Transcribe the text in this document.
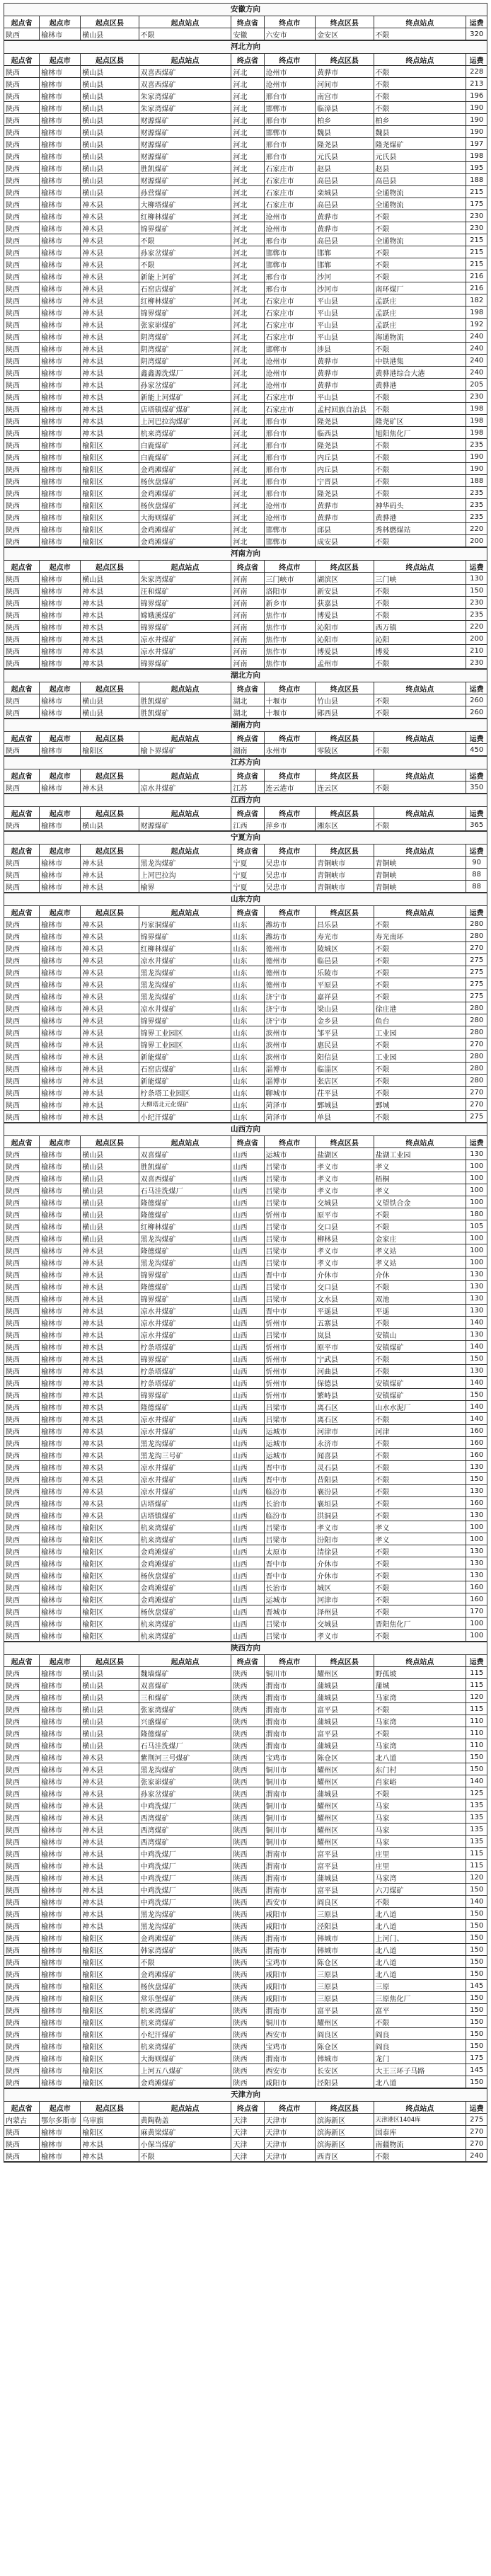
安徽方向
起点省	起点市	起点区县	起点站点	终点省	终点市	终点区县	终点站点	运费
陕西	榆林市	横山县	不限	安徽	六安市	金安区	不限	320
河北方向
起点省	起点市	起点区县	起点站点	终点省	终点市	终点区县	终点站点	运费
陕西	榆林市	横山县	双喜西煤矿	河北	沧州市	黄骅市	不限	228
陕西	榆林市	横山县	双喜西煤矿	河北	沧州市	河间市	不限	213
陕西	榆林市	横山县	朱家湾煤矿	河北	邢台市	南宫市	不限	196
陕西	榆林市	横山县	朱家湾煤矿	河北	邯郸市	临漳县	不限	190
陕西	榆林市	横山县	财源煤矿	河北	邢台市	柏乡	柏乡	190
陕西	榆林市	横山县	财源煤矿	河北	邯郸市	魏县	魏县	190
陕西	榆林市	横山县	财源煤矿	河北	邢台市	隆尧县	隆尧煤矿	197
陕西	榆林市	横山县	财源煤矿	河北	邢台市	元氏县	元氏县	198
陕西	榆林市	横山县	胜凯煤矿	河北	石家庄市	赵县	赵县	195
陕西	榆林市	横山县	财源煤矿	河北	石家庄市	高邑县	高邑县	188
陕西	榆林市	横山县	孙营煤矿	河北	石家庄市	栾城县	全通物流	215
陕西	榆林市	神木县	大柳塔煤矿	河北	石家庄市	高邑县	全通物流	175
陕西	榆林市	神木县	红柳林煤矿	河北	沧州市	黄骅市	不限	230
陕西	榆林市	神木县	锦界煤矿	河北	沧州市	黄骅市	不限	230
陕西	榆林市	神木县	不限	河北	邢台市	高邑县	全通物流	215
陕西	榆林市	神木县	孙家岔煤矿	河北	邯郸市	邯郸	不限	215
陕西	榆林市	神木县	不限	河北	邯郸市	邯郸	不限	215
陕西	榆林市	神木县	新能上河矿	河北	邢台市	沙河	不限	216
陕西	榆林市	神木县	石窑店煤矿	河北	邢台市	沙河市	南环煤厂	216
陕西	榆林市	神木县	红柳林煤矿	河北	石家庄市	平山县	孟跃庄	182
陕西	榆林市	神木县	锦界煤矿	河北	石家庄市	平山县	孟跃庄	198
陕西	榆林市	神木县	张家峁煤矿	河北	石家庄市	平山县	孟跃庄	192
陕西	榆林市	神木县	阴湾煤矿	河北	石家庄市	平山县	海通物流	240
陕西	榆林市	神木县	阴湾煤矿	河北	邯郸市	涉县	不限	240
陕西	榆林市	神木县	阴湾煤矿	河北	沧州市	黄骅市	中铁港集	240
陕西	榆林市	神木县	鑫鑫源洗煤厂	河北	沧州市	黄骅市	黄骅港综合大港	240
陕西	榆林市	神木县	孙家岔煤矿	河北	沧州市	黄骅市	黄骅港	205
陕西	榆林市	神木县	新能上河煤矿	河北	石家庄市	平山县	不限	230
陕西	榆林市	神木县	店塔镇煤矿煤矿	河北	石家庄市	孟村回族自治县	不限	198
陕西	榆林市	神木县	上河巴拉沟煤矿	河北	邢台市	隆尧县	隆尧矿区	198
陕西	榆林市	神木县	杭来湾煤矿	河北	邢台市	临西县	旭阳焦化厂	198
陕西	榆林市	榆阳区	白鹿煤矿	河北	邢台市	隆尧县	不限	235
陕西	榆林市	榆阳区	白鹿煤矿	河北	邢台市	内丘县	不限	190
陕西	榆林市	榆阳区	金鸡滩煤矿	河北	邢台市	内丘县	不限	190
陕西	榆林市	榆阳区	杨伙盘煤矿	河北	邢台市	宁晋县	不限	188
陕西	榆林市	榆阳区	金鸡滩煤矿	河北	邢台市	隆尧县	不限	235
陕西	榆林市	榆阳区	杨伙盘煤矿	河北	沧州市	黄骅市	神华码头	235
陕西	榆林市	榆阳区	大海则煤矿	河北	沧州市	黄骅市	黄骅港	235
陕西	榆林市	榆阳区	金鸡滩煤矿	河北	邯郸市	邱县	秀林燃煤站	220
陕西	榆林市	榆阳区	金鸡滩煤矿	河北	邯郸市	成安县	不限	200
河南方向
起点省	起点市	起点区县	起点站点	终点省	终点市	终点区县	终点站点	运费
陕西	榆林市	横山县	朱家湾煤矿	河南	三门峡市	湖滨区	三门峡	130
陕西	榆林市	神木县	汪和煤矿	河南	洛阳市	新安县	不限	150
陕西	榆林市	神木县	锦界煤矿	河南	新乡市	获嘉县	不限	230
陕西	榆林市	神木县	嫦娥溪煤矿	河南	焦作市	博爱县	不限	235
陕西	榆林市	神木县	锦界煤矿	河南	焦作市	沁阳市	西万镇	220
陕西	榆林市	神木县	凉水井煤矿	河南	焦作市	沁阳市	沁阳	200
陕西	榆林市	神木县	凉水井煤矿	河南	焦作市	博爱县	博爱	210
陕西	榆林市	神木县	锦界煤矿	河南	焦作市	孟州市	不限	230
湖北方向
起点省	起点市	起点区县	起点站点	终点省	终点市	终点区县	终点站点	运费
陕西	榆林市	横山县	胜凯煤矿	湖北	十堰市	竹山县	不限	260
陕西	榆林市	横山县	胜凯煤矿	湖北	十堰市	郧西县	不限	260
湖南方向
起点省	起点市	起点区县	起点站点	终点省	终点市	终点区县	终点站点	运费
陕西	榆林市	榆阳区	榆卜界煤矿	湖南	永州市	零陵区	不限	450
江苏方向
起点省	起点市	起点区县	起点站点	终点省	终点市	终点区县	终点站点	运费
陕西	榆林市	神木县	凉水井煤矿	江苏	连云港市	连云区	不限	350
江西方向
起点省	起点市	起点区县	起点站点	终点省	终点市	终点区县	终点站点	运费
陕西	榆林市	横山县	财源煤矿	江西	萍乡市	湘东区	不限	365
宁夏方向
起点省	起点市	起点区县	起点站点	终点省	终点市	终点区县	终点站点	运费
陕西	榆林市	神木县	黑龙沟煤矿	宁夏	吴忠市	青铜峡市	青铜峡	90
陕西	榆林市	神木县	上河巴拉沟	宁夏	吴忠市	青铜峡市	青铜峡	88
陕西	榆林市	神木县	榆界	宁夏	吴忠市	青铜峡市	青铜峡	88
山东方向
起点省	起点市	起点区县	起点站点	终点省	终点市	终点区县	终点站点	运费
陕西	榆林市	神木县	丹家洞煤矿	山东	潍坊市	昌乐县	不限	280
陕西	榆林市	神木县	锦界煤矿	山东	潍坊市	寿光市	寿光南环	280
陕西	榆林市	神木县	红柳林煤矿	山东	德州市	陵城区	不限	270
陕西	榆林市	神木县	凉水井煤矿	山东	德州市	临邑县	不限	275
陕西	榆林市	神木县	黑龙沟煤矿	山东	德州市	乐陵市	不限	275
陕西	榆林市	神木县	黑龙沟煤矿	山东	德州市	平原县	不限	275
陕西	榆林市	神木县	黑龙沟煤矿	山东	济宁市	嘉祥县	不限	275
陕西	榆林市	神木县	凉水井煤矿	山东	济宁市	梁山县	徐庄港	280
陕西	榆林市	神木县	锦界煤矿	山东	济宁市	金乡县	鱼台	280
陕西	榆林市	神木县	锦界工业园区	山东	滨州市	邹平县	工业园	280
陕西	榆林市	神木县	锦界工业园区	山东	滨州市	惠民县	不限	270
陕西	榆林市	神木县	新能煤矿	山东	滨州市	阳信县	工业园	280
陕西	榆林市	神木县	石窑店煤矿	山东	淄博市	临淄区	不限	280
陕西	榆林市	神木县	新能煤矿	山东	淄博市	张店区	不限	280
陕西	榆林市	神木县	柠条塔工业园区	山东	聊城市	茌平县	不限	270
陕西	榆林市	神木县	大柳塔北元化煤矿	山东	菏泽市	鄄城县	鄄城	270
陕西	榆林市	神木县	小纪汗煤矿	山东	菏泽市	单县	不限	275
山西方向
起点省	起点市	起点区县	起点站点	终点省	终点市	终点区县	终点站点	运费
陕西	榆林市	横山县	双喜煤矿	山西	运城市	盐湖区	盐湖工业园	130
陕西	榆林市	横山县	胜凯煤矿	山西	吕梁市	孝义市	孝义	100
陕西	榆林市	横山县	双喜西煤矿	山西	吕梁市	孝义市	梧桐	100
陕西	榆林市	横山县	石马洼洗煤厂	山西	吕梁市	孝义市	孝义	100
陕西	榆林市	横山县	隆德煤矿	山西	吕梁市	交城县	义望铁合金	100
陕西	榆林市	横山县	隆德煤矿	山西	忻州市	原平市	不限	180
陕西	榆林市	横山县	红柳林煤矿	山西	吕梁市	交口县	不限	105
陕西	榆林市	横山县	黑龙沟煤矿	山西	吕梁市	柳林县	金家庄	100
陕西	榆林市	神木县	隆德煤矿	山西	吕梁市	孝义市	孝义站	100
陕西	榆林市	神木县	黑龙沟煤矿	山西	吕梁市	孝义市	孝义站	100
陕西	榆林市	神木县	锦界煤矿	山西	晋中市	介休市	介休	130
陕西	榆林市	神木县	隆德煤矿	山西	吕梁市	交口县	不限	130
陕西	榆林市	神木县	锦界煤矿	山西	吕梁市	文水县	双池	130
陕西	榆林市	神木县	凉水井煤矿	山西	晋中市	平遥县	平遥	130
陕西	榆林市	神木县	凉水井煤矿	山西	忻州市	五寨县	不限	140
陕西	榆林市	神木县	凉水井煤矿	山西	吕梁市	岚县	安镇山	130
陕西	榆林市	神木县	柠条塔煤矿	山西	忻州市	原平市	安镇煤矿	140
陕西	榆林市	神木县	锦界煤矿	山西	忻州市	宁武县	不限	150
陕西	榆林市	神木县	柠条塔煤矿	山西	忻州市	河曲县	不限	130
陕西	榆林市	神木县	柠条塔煤矿	山西	忻州市	保德县	安镇煤矿	140
陕西	榆林市	神木县	锦界煤矿	山西	忻州市	繁峙县	安镇煤矿	150
陕西	榆林市	神木县	隆德煤矿	山西	吕梁市	离石区	山水水泥厂	140
陕西	榆林市	神木县	凉水井煤矿	山西	吕梁市	离石区	不限	140
陕西	榆林市	神木县	凉水井煤矿	山西	运城市	河津市	河津	160
陕西	榆林市	神木县	黑龙沟煤矿	山西	运城市	永济市	不限	160
陕西	榆林市	神木县	黑龙沟三号矿	山西	运城市	闻喜县	不限	160
陕西	榆林市	神木县	凉水井煤矿	山西	晋中市	灵石县	不限	130
陕西	榆林市	神木县	凉水井煤矿	山西	晋中市	昔阳县	不限	150
陕西	榆林市	神木县	凉水井煤矿	山西	临汾市	襄汾县	不限	130
陕西	榆林市	神木县	店塔煤矿	山西	长治市	襄垣县	不限	160
陕西	榆林市	神木县	店塔镇煤矿	山西	临汾市	洪洞县	不限	130
陕西	榆林市	榆阳区	杭来湾煤矿	山西	吕梁市	孝义市	孝义	100
陕西	榆林市	榆阳区	杭来湾煤矿	山西	吕梁市	汾阳市	孝义	100
陕西	榆林市	榆阳区	金鸡滩煤矿	山西	太原市	清徐县	不限	130
陕西	榆林市	榆阳区	金鸡滩煤矿	山西	晋中市	介休市	不限	130
陕西	榆林市	榆阳区	杨伙盘煤矿	山西	晋中市	介休市	不限	130
陕西	榆林市	榆阳区	金鸡滩煤矿	山西	长治市	城区	不限	160
陕西	榆林市	榆阳区	金鸡滩煤矿	山西	运城市	河津市	不限	160
陕西	榆林市	榆阳区	杨伙盘煤矿	山西	晋城市	泽州县	不限	170
陕西	榆林市	榆阳区	杭来湾煤矿	山西	吕梁市	交城县	晋阳焦化厂	100
陕西	榆林市	榆阳区	杭来湾煤矿	山西	吕梁市	孝义市	不限	100
陕西方向
起点省	起点市	起点区县	起点站点	终点省	终点市	终点区县	终点站点	运费
陕西	榆林市	横山县	魏墙煤矿	陕西	铜川市	耀州区	野孤坡	115
陕西	榆林市	横山县	双喜煤矿	陕西	渭南市	蒲城县	蒲城	115
陕西	榆林市	横山县	三和煤矿	陕西	渭南市	蒲城县	马家湾	120
陕西	榆林市	横山县	张家湾煤矿	陕西	渭南市	富平县	不限	115
陕西	榆林市	横山县	兴盛煤矿	陕西	渭南市	蒲城县	马家湾	110
陕西	榆林市	横山县	隆德煤矿	陕西	渭南市	富平县	不限	110
陕西	榆林市	横山县	石马洼洗煤厂	陕西	渭南市	蒲城县	马家湾	110
陕西	榆林市	神木县	紫荆河三号煤矿	陕西	宝鸡市	陈仓区	北八道	150
陕西	榆林市	神木县	黑龙沟煤矿	陕西	铜川市	耀州区	东门村	150
陕西	榆林市	神木县	张家峁煤矿	陕西	铜川市	耀州区	肖家峪	140
陕西	榆林市	神木县	孙家岔煤矿	陕西	渭南市	蒲城县	不限	125
陕西	榆林市	神木县	中鸡洗煤厂	陕西	铜川市	耀州区	马家	135
陕西	榆林市	神木县	西湾煤矿	陕西	铜川市	耀州区	马家	135
陕西	榆林市	神木县	西湾煤矿	陕西	铜川市	耀州区	马家	135
陕西	榆林市	神木县	西湾煤矿	陕西	铜川市	耀州区	马家	135
陕西	榆林市	神木县	中鸡洗煤厂	陕西	渭南市	富平县	庄里	115
陕西	榆林市	神木县	中鸡洗煤厂	陕西	渭南市	富平县	庄里	115
陕西	榆林市	神木县	中鸡洗煤厂	陕西	渭南市	蒲城县	马家湾	120
陕西	榆林市	神木县	中鸡洗煤厂	陕西	渭南市	富平县	六刀煤矿	150
陕西	榆林市	神木县	中鸡洗煤厂	陕西	西安市	阎良区	不限	140
陕西	榆林市	神木县	黑龙沟煤矿	陕西	咸阳市	三原县	北八道	150
陕西	榆林市	神木县	黑龙沟煤矿	陕西	咸阳市	泾阳县	北八道	150
陕西	榆林市	榆阳区	金鸡滩煤矿	陕西	渭南市	韩城市	上河门、	150
陕西	榆林市	榆阳区	韩家湾煤矿	陕西	渭南市	韩城市	北八道	150
陕西	榆林市	榆阳区	不限	陕西	宝鸡市	陈仓区	北八道	150
陕西	榆林市	榆阳区	金鸡滩煤矿	陕西	咸阳市	三原县	北八道	150
陕西	榆林市	榆阳区	杨伙盘煤矿	陕西	咸阳市	三原县	三原	145
陕西	榆林市	榆阳区	常乐堡煤矿	陕西	咸阳市	三原县	三原焦化厂	150
陕西	榆林市	榆阳区	杭来湾煤矿	陕西	渭南市	富平县	富平	150
陕西	榆林市	榆阳区	杭来湾煤矿	陕西	铜川市	耀州区	不限	150
陕西	榆林市	榆阳区	小纪汗煤矿	陕西	西安市	阎良区	阎良	150
陕西	榆林市	榆阳区	杭来湾煤矿	陕西	宝鸡市	陈仓区	阎良	150
陕西	榆林市	榆阳区	大海则煤矿	陕西	渭南市	韩城市	龙门	175
陕西	榆林市	榆阳区	上河五八煤矿	陕西	西安市	长安区	大王三环子马路	145
陕西	榆林市	榆阳区	金鸡滩煤矿	陕西	咸阳市	泾阳县	北八道	150
天津方向
起点省	起点市	起点区县	起点站点	终点省	终点市	终点区县	终点站点	运费
内蒙古	鄂尔多斯市	乌审旗	黄陶勒盖	天津	天津市	滨海新区	天津港区1404库	275
陕西	榆林市	榆阳区	麻黄梁煤矿	天津	天津市	滨海新区	国泰库	270
陕西	榆林市	神木县	小保当煤矿	天津	天津市	滨海新区	南疆物流	270
陕西	榆林市	神木县	不限	天津	天津市	西青区	不限	240
